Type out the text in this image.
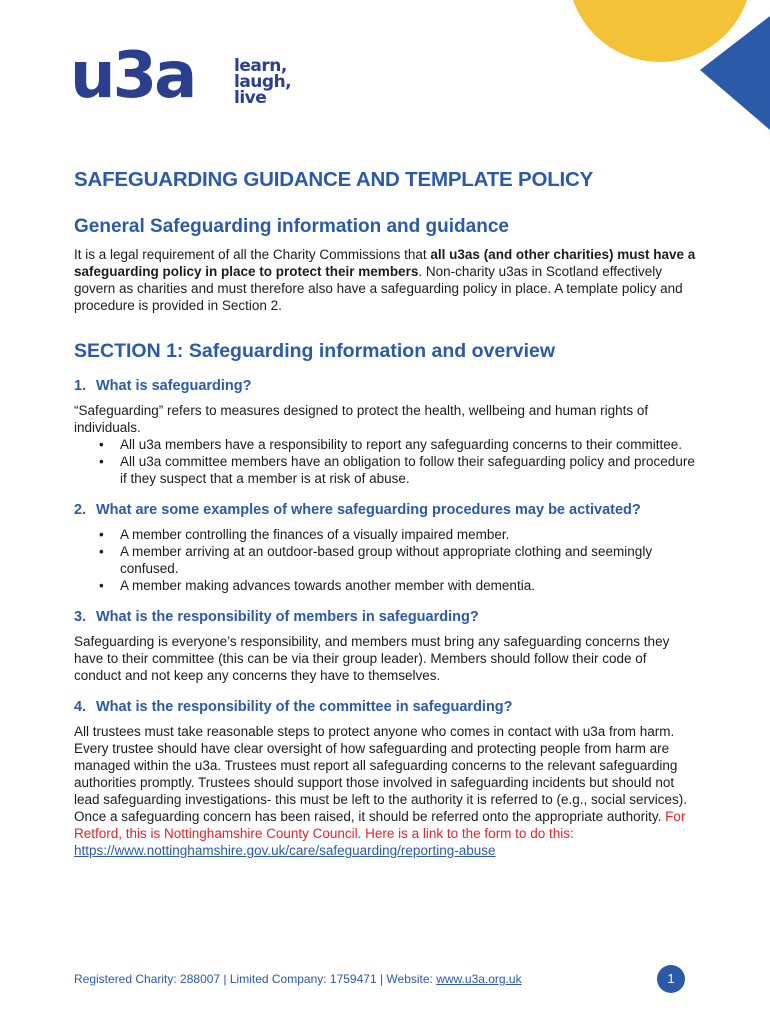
u3a learn,
laugh,
live
SAFEGUARDING GUIDANCE AND TEMPLATE POLICY
General Safeguarding information and guidance

It is a legal requirement of all the Charity Commissions that all u3as (and other charities) must have a safeguarding policy in place to protect their members. Non-charity u3as in Scotland effectively govern as charities and must therefore also have a safeguarding policy in place. A template policy and procedure is provided in Section 2.

SECTION 1: Safeguarding information and overview
1. What is safeguarding?

“Safeguarding” refers to measures designed to protect the health, wellbeing and human rights of individuals.

• All u3a members have a responsibility to report any safeguarding concerns to their committee.
• All u3a committee members have an obligation to follow their safeguarding policy and procedure if they suspect that a member is at risk of abuse.
2. What are some examples of where safeguarding procedures may be activated?
• A member controlling the finances of a visually impaired member.
• A member arriving at an outdoor-based group without appropriate clothing and seemingly confused.
• A member making advances towards another member with dementia.
3. What is the responsibility of members in safeguarding?

Safeguarding is everyone’s responsibility, and members must bring any safeguarding concerns they have to their committee (this can be via their group leader). Members should follow their code of conduct and not keep any concerns they have to themselves.

4. What is the responsibility of the committee in safeguarding?

All trustees must take reasonable steps to protect anyone who comes in contact with u3a from harm. Every trustee should have clear oversight of how safeguarding and protecting people from harm are managed within the u3a. Trustees must report all safeguarding concerns to the relevant safeguarding authorities promptly. Trustees should support those involved in safeguarding incidents but should not lead safeguarding investigations- this must be left to the authority it is referred to (e.g., social services).

Once a safeguarding concern has been raised, it should be referred onto the appropriate authority. For Retford, this is Nottinghamshire County Council. Here is a link to the form to do this: https://www.nottinghamshire.gov.uk/care/safeguarding/reporting-abuse

Registered Charity: 288007 | Limited Company: 1759471 | Website: www.u3a.org.uk	1
